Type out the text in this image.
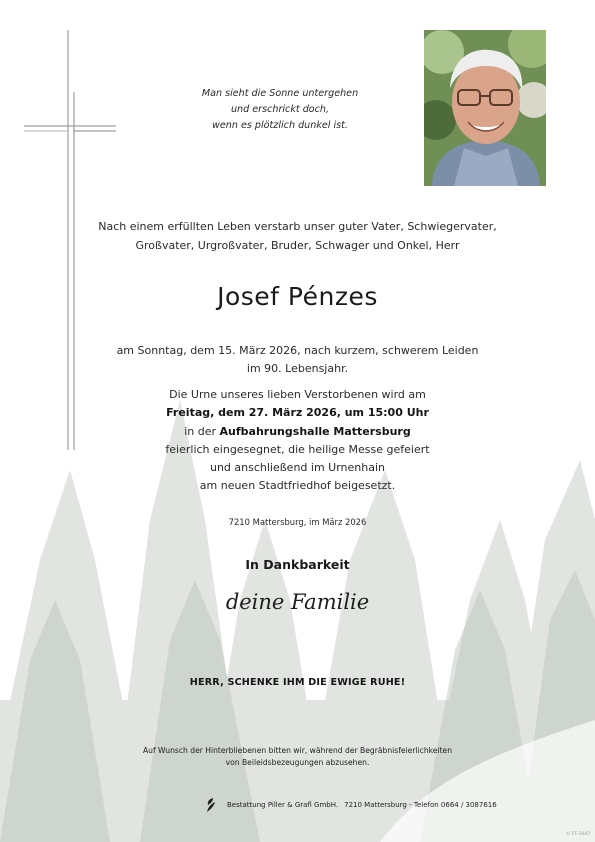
Man sieht die Sonne untergehen
und erschrickt doch,
wenn es plötzlich dunkel ist.
Nach einem erfüllten Leben verstarb unser guter Vater, Schwiegervater,
Großvater, Urgroßvater, Bruder, Schwager und Onkel, Herr
Josef Pénzes
am Sonntag, dem 15. März 2026, nach kurzem, schwerem Leiden
im 90. Lebensjahr.
Die Urne unseres lieben Verstorbenen wird am
Freitag, dem 27. März 2026, um 15:00 Uhr
in der Aufbahrungshalle Mattersburg
feierlich eingesegnet, die heilige Messe gefeiert
und anschließend im Urnenhain
am neuen Stadtfriedhof beigesetzt.
7210 Mattersburg, im März 2026
In Dankbarkeit
deine Familie
HERR, SCHENKE IHM DIE EWIGE RUHE!
Auf Wunsch der Hinterbliebenen bitten wir, während der Begräbnisfeierlichkeiten
von Beileidsbezeugungen abzusehen.
Bestattung Piller & Grafl GmbH. 7210 Mattersburg - Telefon 0664 / 3087616
© FF-3047
